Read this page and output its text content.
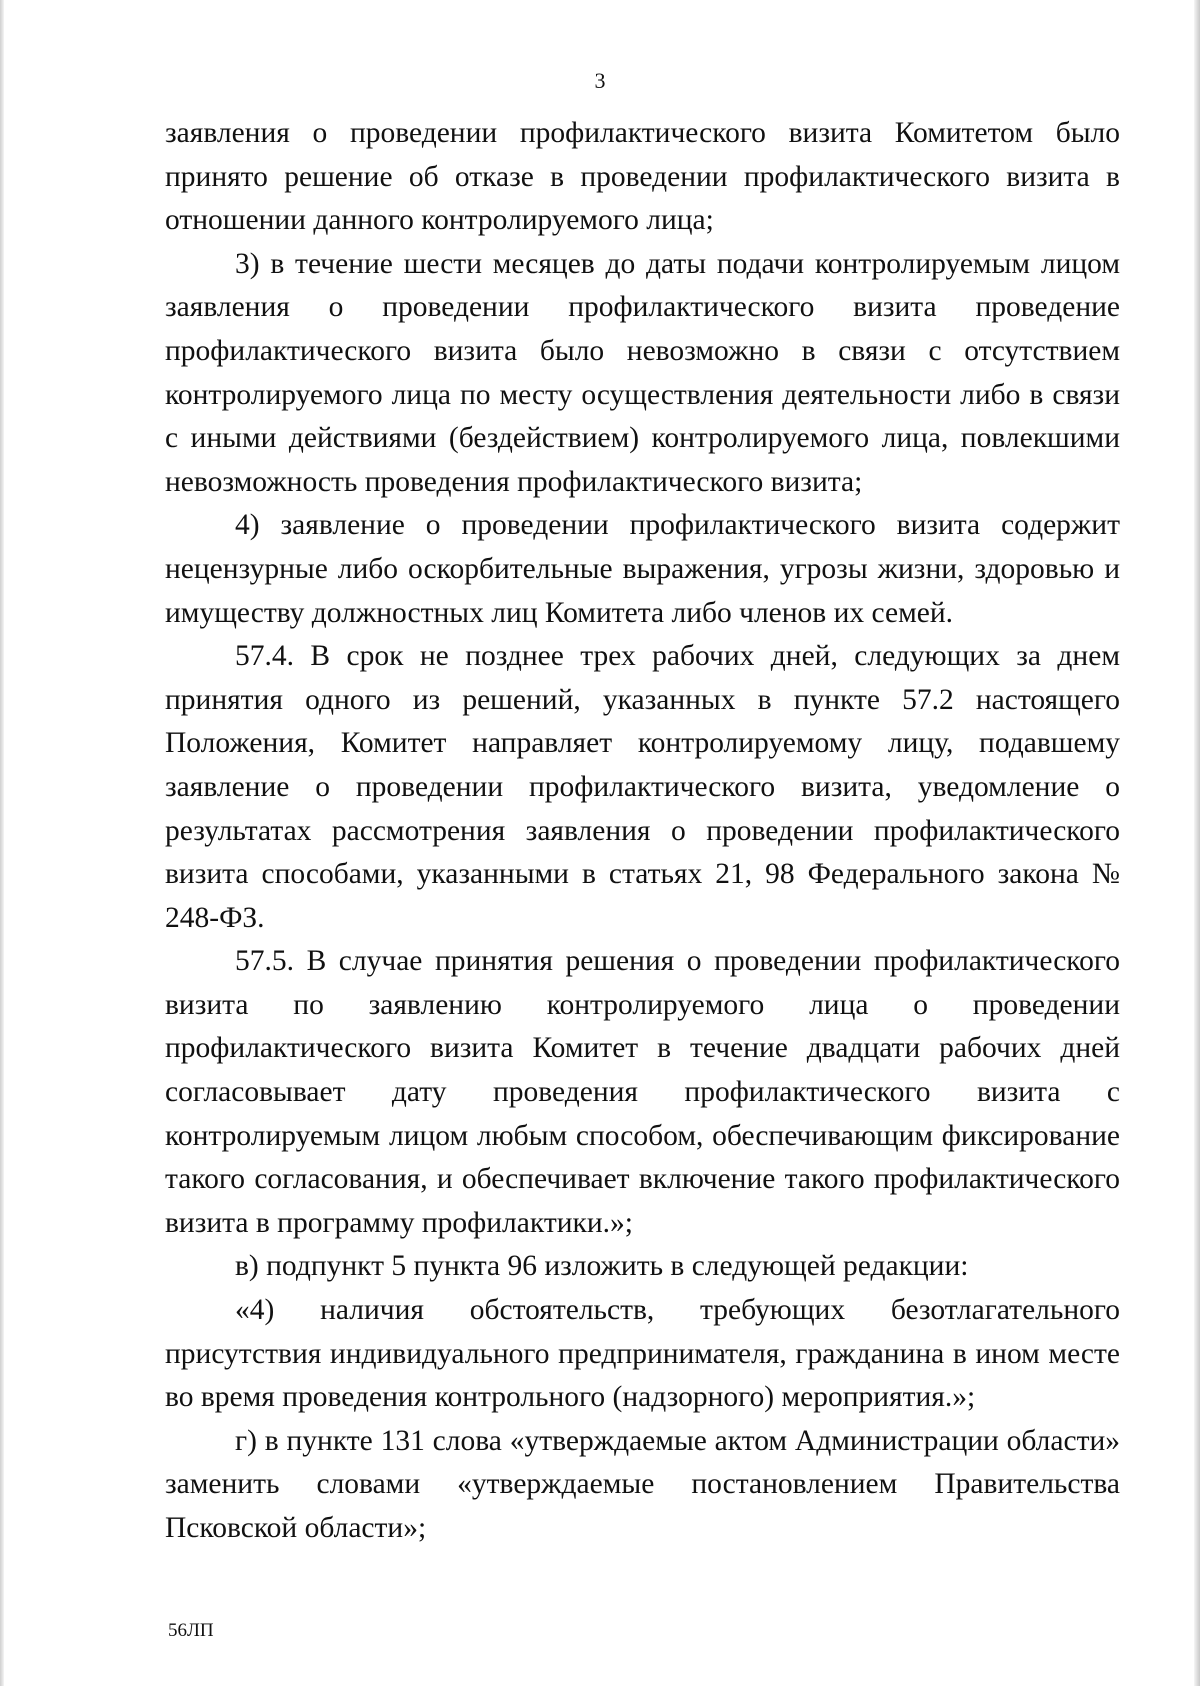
3

заявления о проведении профилактического визита Комитетом было принято решение об отказе в проведении профилактического визита в отношении данного контролируемого лица;

3) в течение шести месяцев до даты подачи контролируемым лицом заявления о проведении профилактического визита проведение профилактического визита было невозможно в связи с отсутствием контролируемого лица по месту осуществления деятельности либо в связи с иными действиями (бездействием) контролируемого лица, повлекшими невозможность проведения профилактического визита;

4) заявление о проведении профилактического визита содержит нецензурные либо оскорбительные выражения, угрозы жизни, здоровью и имуществу должностных лиц Комитета либо членов их семей.

57.4. В срок не позднее трех рабочих дней, следующих за днем принятия одного из решений, указанных в пункте 57.2 настоящего Положения, Комитет направляет контролируемому лицу, подавшему заявление о проведении профилактического визита, уведомление о результатах рассмотрения заявления о проведении профилактического визита способами, указанными в статьях 21, 98 Федерального закона № 248-ФЗ.

57.5. В случае принятия решения о проведении профилактического визита по заявлению контролируемого лица о проведении профилактического визита Комитет в течение двадцати рабочих дней согласовывает дату проведения профилактического визита с контролируемым лицом любым способом, обеспечивающим фиксирование такого согласования, и обеспечивает включение такого профилактического визита в программу профилактики.»;

в) подпункт 5 пункта 96 изложить в следующей редакции:

«4) наличия обстоятельств, требующих безотлагательного присутствия индивидуального предпринимателя, гражданина в ином месте во время проведения контрольного (надзорного) мероприятия.»;

г) в пункте 131 слова «утверждаемые актом Администрации области» заменить словами «утверждаемые постановлением Правительства Псковской области»;

56ЛП
